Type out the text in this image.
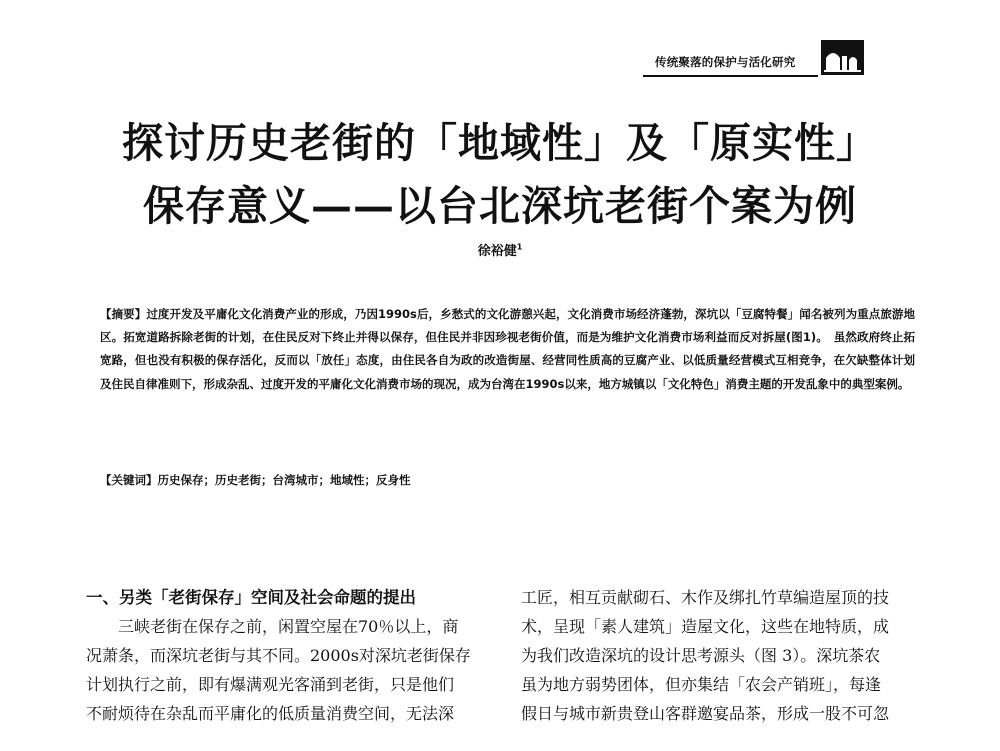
传统聚落的保护与活化研究
探讨历史老街的「地域性」及「原实性」
保存意义——以台北深坑老街个案为例
徐裕健$^1$
【摘要】过度开发及平庸化文化消费产业的形成，乃因1990s后，乡愁式的文化游憩兴起，文化消费市场经济蓬勃，深坑以「豆腐特餐」闻名被列为重点旅游地区。拓宽道路拆除老街的计划，在住民反对下终止并得以保存，但住民并非因珍视老街价值，而是为维护文化消费市场利益而反对拆屋(图1)。　虽然政府终止拓宽路，但也没有积极的保存活化，反而以「放任」态度，由住民各自为政的改造街屋、经营同性质高的豆腐产业、以低质量经营模式互相竞争，在欠缺整体计划及住民自律准则下，形成杂乱、过度开发的平庸化文化消费市场的现况，成为台湾在1990s以来，地方城镇以「文化特色」消费主题的开发乱象中的典型案例。
【关键词】历史保存；历史老街；台湾城市；地域性；反身性
一、另类「老街保存」空间及社会命题的提出
　　三峡老街在保存之前，闲置空屋在70％以上，商
况萧条，而深坑老街与其不同。2000s对深坑老街保存
计划执行之前，即有爆满观光客涌到老街，只是他们
不耐烦待在杂乱而平庸化的低质量消费空间，无法深
工匠，相互贡献砌石、木作及绑扎竹草编造屋顶的技
术，呈现「素人建筑」造屋文化，这些在地特质，成
为我们改造深坑的设计思考源头（图 3）。深坑茶农
虽为地方弱势团体，但亦集结「农会产销班」，每逢
假日与城市新贵登山客群邀宴品茶，形成一股不可忽
